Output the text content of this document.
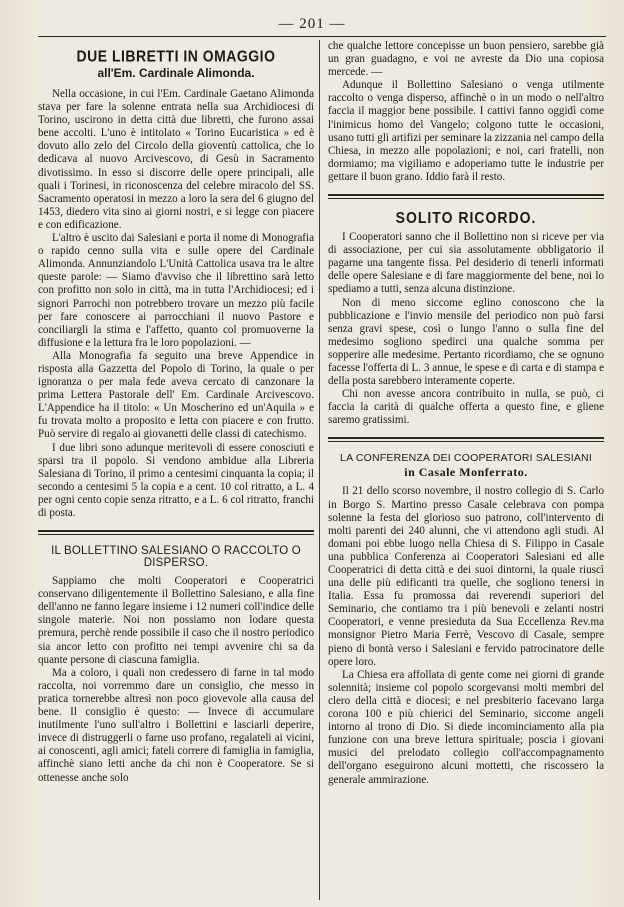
— 201 —
DUE LIBRETTI IN OMAGGIO
all'Em. Cardinale Alimonda.

Nella occasione, in cui l'Em. Cardinale Gaetano Alimonda stava per fare la solenne entrata nella sua Archidiocesi di Torino, uscirono in detta città due libretti, che furono assai bene accolti. L'uno è intitolato « Torino Eucaristica » ed è dovuto allo zelo del Circolo della gioventù cattolica, che lo dedicava al nuovo Arcivescovo, di Gesù in Sacramento divotissimo. In esso si discorre delle opere principali, alle quali i Torinesi, in riconoscenza del celebre miracolo del SS. Sacramento operatosi in mezzo a loro la sera del 6 giugno del 1453, diedero vita sino ai giorni nostri, e si legge con piacere e con edificazione.

L'altro è uscito dai Salesiani e porta il nome di Monografia o rapido cenno sulla vita e sulle opere del Cardinale Alimonda. Annunziandolo L'Unità Cattolica usava tra le altre queste parole: — Siamo d'avviso che il librettino sarà letto con profitto non solo in città, ma in tutta l'Archidiocesi; ed i signori Parrochi non potrebbero trovare un mezzo più facile per fare conoscere ai parrocchiani il nuovo Pastore e conciliargli la stima e l'affetto, quanto col promuoverne la diffusione e la lettura fra le loro popolazioni. —

Alla Monografia fa seguito una breve Appendice in risposta alla Gazzetta del Popolo di Torino, la quale o per ignoranza o per mala fede aveva cercato di canzonare la prima Lettera Pastorale dell' Em. Cardinale Arcivescovo. L'Appendice ha il titolo: « Un Moscherino ed un'Aquila » e fu trovata molto a proposito e letta con piacere e con frutto. Può servire di regalo ai giovanetti delle classi di catechismo.

I due libri sono adunque meritevoli di essere conosciuti e sparsi tra il popolo. Si vendono ambidue alla Libreria Salesiana di Torino, il primo a centesimi cinquanta la copia; il secondo a centesimi 5 la copia e a cent. 10 col ritratto, a L. 4 per ogni cento copie senza ritratto, e a L. 6 col ritratto, franchi di posta.

IL BOLLETTINO SALESIANO O RACCOLTO O DISPERSO.

Sappiamo che molti Cooperatori e Cooperatrici conservano diligentemente il Bollettino Salesiano, e alla fine dell'anno ne fanno legare insieme i 12 numeri coll'indice delle singole materie. Noi non possiamo non lodare questa premura, perchè rende possibile il caso che il nostro periodico sia ancor letto con profitto nei tempi avvenire chi sa da quante persone di ciascuna famiglia.

Ma a coloro, i quali non credessero di farne in tal modo raccolta, noi vorremmo dare un consiglio, che messo in pratica tornerebbe altresì non poco giovevole alla causa del bene. Il consiglio è questo: — Invece di accumulare inutilmente l'uno sull'altro i Bollettini e lasciarli deperire, invece di distruggerli o farne uso profano, regalateli ai vicini, ai conoscenti, agli amici; fateli correre di famiglia in famiglia, affinchè siano letti anche da chi non è Cooperatore. Se si ottenesse anche solo

che qualche lettore concepisse un buon pensiero, sarebbe già un gran guadagno, e voi ne avreste da Dio una copiosa mercede. —

Adunque il Bollettino Salesiano o venga utilmente raccolto o venga disperso, affinchè o in un modo o nell'altro faccia il maggior bene possibile. I cattivi fanno oggidì come l'inimicus homo del Vangelo; colgono tutte le occasioni, usano tutti gli artifizi per seminare la zizzania nel campo della Chiesa, in mezzo alle popolazioni; e noi, cari fratelli, non dormiamo; ma vigiliamo e adoperiamo tutte le industrie per gettare il buon grano. Iddio farà il resto.

SOLITO RICORDO.

I Cooperatori sanno che il Bollettino non si riceve per via di associazione, per cui sia assolutamente obbligatorio il pagarne una tangente fissa. Pel desiderio di tenerli informati delle opere Salesiane e di fare maggiormente del bene, noi lo spediamo a tutti, senza alcuna distinzione.

Non di meno siccome eglino conoscono che la pubblicazione e l'invio mensile del periodico non può farsi senza gravi spese, così o lungo l'anno o sulla fine del medesimo sogliono spedirci una qualche somma per sopperire alle medesime. Pertanto ricordiamo, che se ognuno facesse l'offerta di L. 3 annue, le spese e di carta e di stampa e della posta sarebbero interamente coperte.

Chi non avesse ancora contribuito in nulla, se può, ci faccia la carità di qualche offerta a questo fine, e gliene saremo gratissimi.

LA CONFERENZA DEI COOPERATORI SALESIANI
in Casale Monferrato.

Il 21 dello scorso novembre, il nostro collegio di S. Carlo in Borgo S. Martino presso Casale celebrava con pompa solenne la festa del glorioso suo patrono, coll'intervento di molti parenti dei 240 alunni, che vi attendono agli studi. Al domani poi ebbe luogo nella Chiesa di S. Filippo in Casale una pubblica Conferenza ai Cooperatori Salesiani ed alle Cooperatrici di detta città e dei suoi dintorni, la quale riuscì una delle più edificanti tra quelle, che sogliono tenersi in Italia. Essa fu promossa dai reverendi superiori del Seminario, che contiamo tra i più benevoli e zelanti nostri Cooperatori, e venne presieduta da Sua Eccellenza Rev.ma monsignor Pietro Maria Ferrè, Vescovo di Casale, sempre pieno di bontà verso i Salesiani e fervido patrocinatore delle opere loro.

La Chiesa era affollata di gente come nei giorni di grande solennità; insieme col popolo scorgevansi molti membri del clero della città e diocesi; e nel presbiterio facevano larga corona 100 e più chierici del Seminario, siccome angeli intorno al trono di Dio. Si diede incominciamento alla pia funzione con una breve lettura spirituale; poscia i giovani musici del prelodato collegio coll'accompagnamento dell'organo eseguirono alcuni mottetti, che riscossero la generale ammirazione.
